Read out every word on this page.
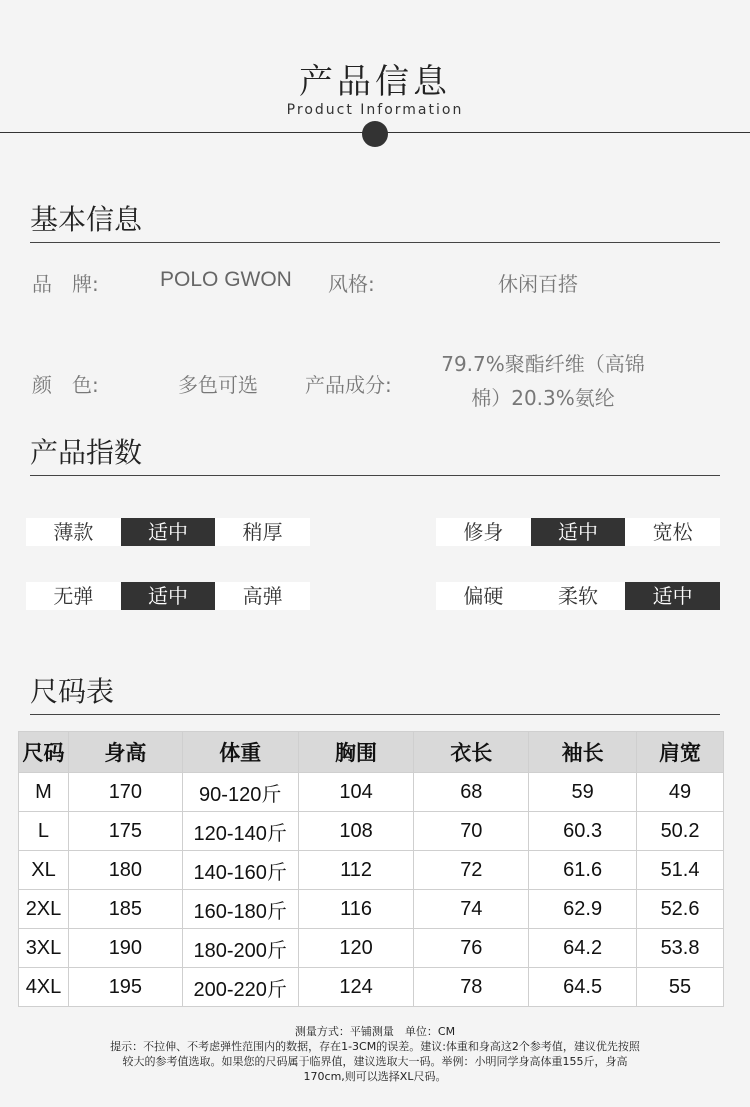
产品信息
Product Information
基本信息
品　牌:	POLO GWON 风格:	休闲百搭
颜　色:	多色可选 产品成分:
79.7%聚酯纤维（高锦
棉）20.3%氨纶
产品指数
薄款	适中	稍厚	修身	适中	宽松
无弹	适中	高弹	偏硬	柔软	适中
尺码表
尺码	身高	体重	胸围	衣长	袖长	肩宽
M	170	90-120斤	104	68	59	49
L	175	120-140斤	108	70	60.3	50.2
XL	180	140-160斤	112	72	61.6	51.4
2XL	185	160-180斤	116	74	62.9	52.6
3XL	190	180-200斤	120	76	64.2	53.8
4XL	195	200-220斤	124	78	64.5	55
测量方式：平铺测量　单位：CM
提示：不拉伸、不考虑弹性范围内的数据，存在1-3CM的误差。建议:体重和身高这2个参考值，建议优先按照
较大的参考值选取。如果您的尺码属于临界值，建议选取大一码。举例：小明同学身高体重155斤，身高
170cm,则可以选择XL尺码。
